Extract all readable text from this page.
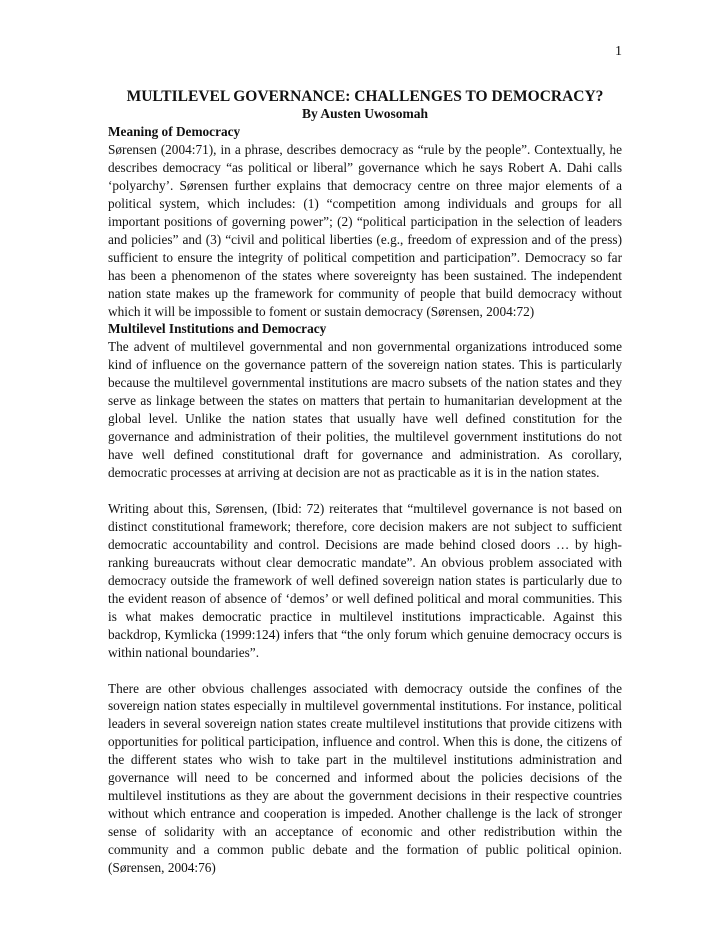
1
MULTILEVEL GOVERNANCE: CHALLENGES TO DEMOCRACY?
By Austen Uwosomah
Meaning of Democracy

Sørensen (2004:71), in a phrase, describes democracy as “rule by the people”. Contextually, he describes democracy “as political or liberal” governance which he says Robert A. Dahi calls ‘polyarchy’. Sørensen further explains that democracy centre on three major elements of a political system, which includes: (1) “competition among individuals and groups for all important positions of governing power”; (2) “political participation in the selection of leaders and policies” and (3) “civil and political liberties (e.g., freedom of expression and of the press) sufficient to ensure the integrity of political competition and participation”. Democracy so far has been a phenomenon of the states where sovereignty has been sustained. The independent nation state makes up the framework for community of people that build democracy without which it will be impossible to foment or sustain democracy (Sørensen, 2004:72)

Multilevel Institutions and Democracy

The advent of multilevel governmental and non governmental organizations introduced some kind of influence on the governance pattern of the sovereign nation states. This is particularly because the multilevel governmental institutions are macro subsets of the nation states and they serve as linkage between the states on matters that pertain to humanitarian development at the global level. Unlike the nation states that usually have well defined constitution for the governance and administration of their polities, the multilevel government institutions do not have well defined constitutional draft for governance and administration. As corollary, democratic processes at arriving at decision are not as practicable as it is in the nation states.

Writing about this, Sørensen, (Ibid: 72) reiterates that “multilevel governance is not based on distinct constitutional framework; therefore, core decision makers are not subject to sufficient democratic accountability and control. Decisions are made behind closed doors … by high-ranking bureaucrats without clear democratic mandate”. An obvious problem associated with democracy outside the framework of well defined sovereign nation states is particularly due to the evident reason of absence of ‘demos’ or well defined political and moral communities. This is what makes democratic practice in multilevel institutions impracticable. Against this backdrop, Kymlicka (1999:124) infers that “the only forum which genuine democracy occurs is within national boundaries”.

There are other obvious challenges associated with democracy outside the confines of the sovereign nation states especially in multilevel governmental institutions. For instance, political leaders in several sovereign nation states create multilevel institutions that provide citizens with opportunities for political participation, influence and control. When this is done, the citizens of the different states who wish to take part in the multilevel institutions administration and governance will need to be concerned and informed about the policies decisions of the multilevel institutions as they are about the government decisions in their respective countries without which entrance and cooperation is impeded. Another challenge is the lack of stronger sense of solidarity with an acceptance of economic and other redistribution within the community and a common public debate and the formation of public political opinion. (Sørensen, 2004:76)
